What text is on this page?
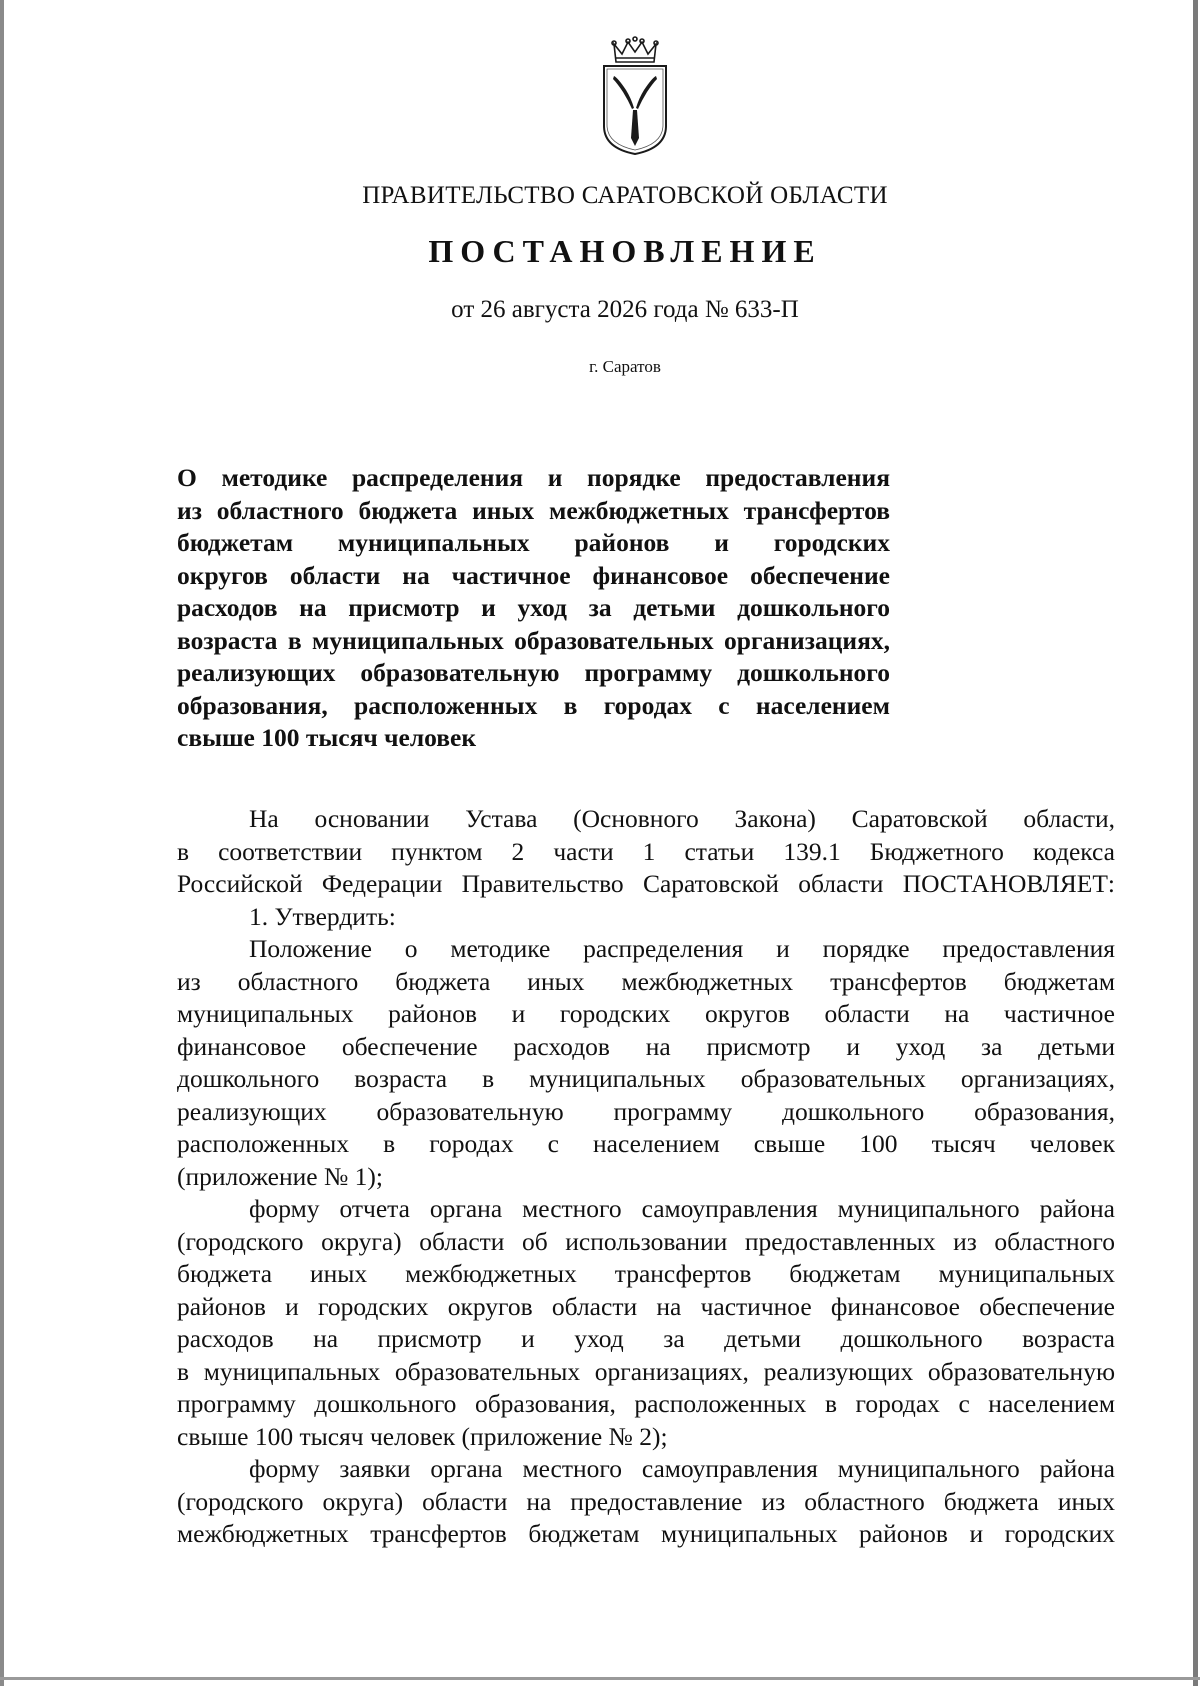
ПРАВИТЕЛЬСТВО САРАТОВСКОЙ ОБЛАСТИ
ПОСТАНОВЛЕНИЕ
от 26 августа 2026 года № 633-П
г. Саратов
О методике распределения и порядке предоставления
из областного бюджета иных межбюджетных трансфертов
бюджетам муниципальных районов и городских
округов области на частичное финансовое обеспечение
расходов на присмотр и уход за детьми дошкольного
возраста в муниципальных образовательных организациях,
реализующих образовательную программу дошкольного
образования, расположенных в городах с населением
свыше 100 тысяч человек
На основании Устава (Основного Закона) Саратовской области,
в соответствии пунктом 2 части 1 статьи 139.1 Бюджетного кодекса
Российской Федерации Правительство Саратовской области ПОСТАНОВЛЯЕТ:
1. Утвердить:
Положение о методике распределения и порядке предоставления
из областного бюджета иных межбюджетных трансфертов бюджетам
муниципальных районов и городских округов области на частичное
финансовое обеспечение расходов на присмотр и уход за детьми
дошкольного возраста в муниципальных образовательных организациях,
реализующих образовательную программу дошкольного образования,
расположенных в городах с населением свыше 100 тысяч человек
(приложение № 1);
форму отчета органа местного самоуправления муниципального района
(городского округа) области об использовании предоставленных из областного
бюджета иных межбюджетных трансфертов бюджетам муниципальных
районов и городских округов области на частичное финансовое обеспечение
расходов на присмотр и уход за детьми дошкольного возраста
в муниципальных образовательных организациях, реализующих образовательную
программу дошкольного образования, расположенных в городах с населением
свыше 100 тысяч человек (приложение № 2);
форму заявки органа местного самоуправления муниципального района
(городского округа) области на предоставление из областного бюджета иных
межбюджетных трансфертов бюджетам муниципальных районов и городских
